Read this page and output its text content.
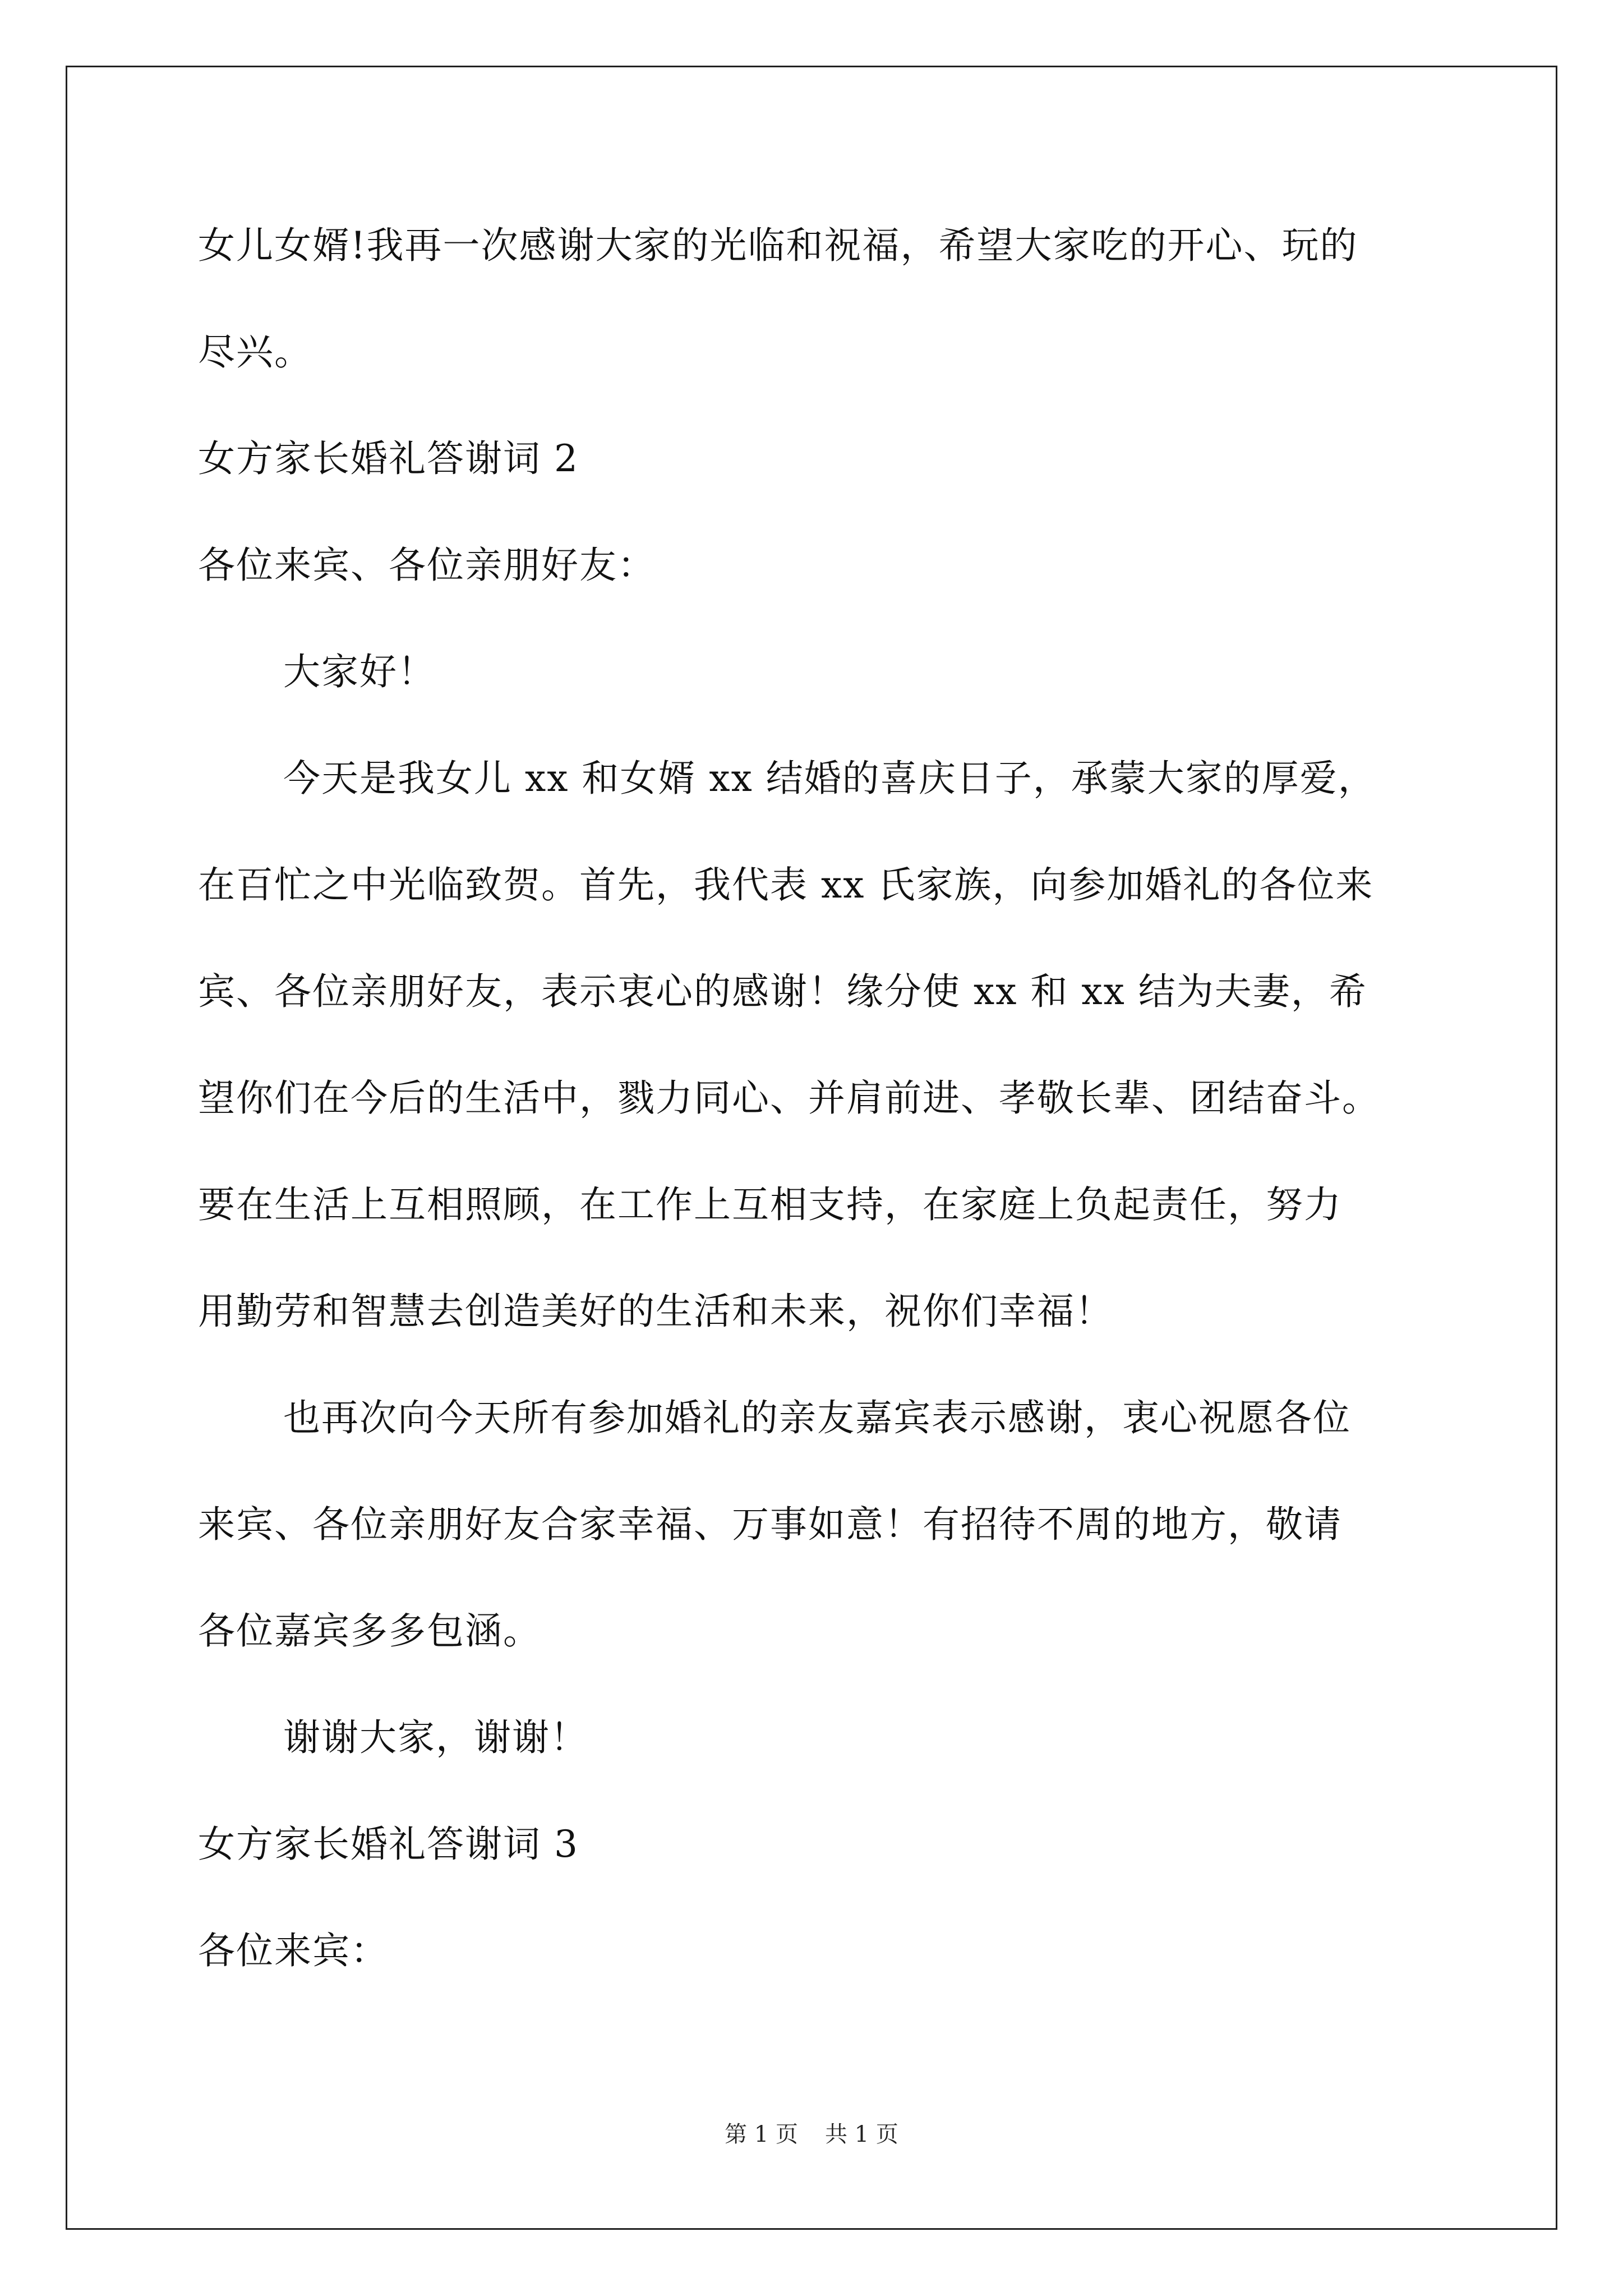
女儿女婿!我再一次感谢大家的光临和祝福，希望大家吃的开心、玩的
尽兴。
女方家长婚礼答谢词 2
各位来宾、各位亲朋好友：
大家好！
今天是我女儿 xx 和女婿 xx 结婚的喜庆日子，承蒙大家的厚爱，
在百忙之中光临致贺。首先，我代表 xx 氏家族，向参加婚礼的各位来
宾、各位亲朋好友，表示衷心的感谢！缘分使 xx 和 xx 结为夫妻，希
望你们在今后的生活中，戮力同心、并肩前进、孝敬长辈、团结奋斗。
要在生活上互相照顾，在工作上互相支持，在家庭上负起责任，努力
用勤劳和智慧去创造美好的生活和未来，祝你们幸福！
也再次向今天所有参加婚礼的亲友嘉宾表示感谢，衷心祝愿各位
来宾、各位亲朋好友合家幸福、万事如意！有招待不周的地方，敬请
各位嘉宾多多包涵。
谢谢大家，谢谢！
女方家长婚礼答谢词 3
各位来宾：
第 1 页 共 1 页
